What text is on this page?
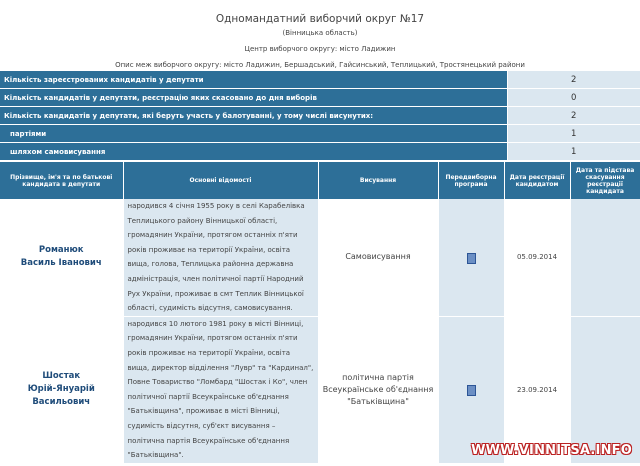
Одномандатний виборчий округ №17
(Вінницька область)
Центр виборчого округу: місто Ладижин
Опис меж виборчого округу: місто Ладижин, Бершадський, Гайсинський, Теплицький, Тростянецький райони
Кількість зареєстрованих кандидатів у депутати	2
Кількість кандидатів у депутати, реєстрацію яких скасовано до дня виборів	0
Кількість кандидатів у депутати, які беруть участь у балотуванні, у тому числі висунутих:	2
партіями	1
шляхом самовисування	1
Прізвище, ім'я та по батькові кандидата в депутати	Основні відомості	Висування	Передвиборна програма	Дата реєстрації кандидатом	Дата та підстава скасування реєстрації кандидата

Романюк
Василь Іванович	народився 4 січня 1955 року в селі Карабелівка Теплицького району Вінницької області, громадянин України, протягом останніх п'яти років проживає на території України, освіта вища, голова, Теплицька районна державна адміністрація, член політичної партії Народний Рух України, проживає в смт Теплик Вінницької області, судимість відсутня, самовисування.	Самовисування		05.09.2014	

Шостак
Юрій-Януарій Васильович	народився 10 лютого 1981 року в місті Вінниці, громадянин України, протягом останніх п'яти років проживає на території України, освіта вища, директор відділення "Лувр" та "Кардинал", Повне Товариство "Ломбард "Шостак і Ко", член політичної партії Всеукраїнське об'єднання "Батьківщина", проживає в місті Вінниці, судимість відсутня, суб'єкт висування – політична партія Всеукраїнське об'єднання "Батьківщина".	політична партія Всеукраїнське об'єднання "Батьківщина"		23.09.2014	
WWW.VINNITSA.INFO
